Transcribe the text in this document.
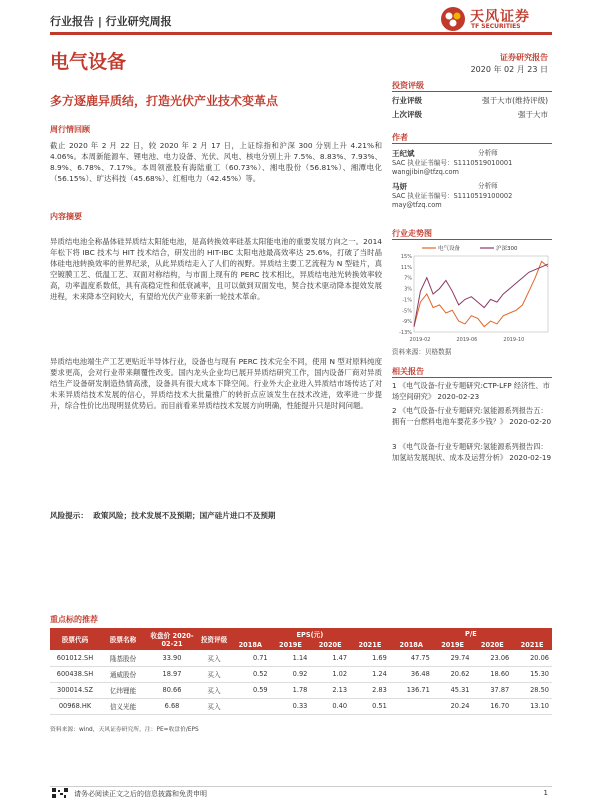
行业报告 | 行业研究周报	天风证券
TF SECURITIES
电气设备	证券研究报告
2020 年 02 月 23 日
多方逐鹿异质结，打造光伏产业技术变革点
周行情回顾
截止 2020 年 2 月 22 日，较 2020 年 2 月 17 日，上证综指和沪深 300 分别上升 4.21%和 4.06%。本周新能源车、锂电池、电力设备、光伏、风电、核电分别上升 7.5%、8.83%、7.93%、8.9%、6.78%、7.17%。本周领涨股有海陆重工（60.73%）、湘电股份（56.81%）、湘潭电化（56.15%）、旷达科技（45.68%）、红相电力（42.45%）等。
内容摘要
异质结电池全称晶体硅异质结太阳能电池，是高转换效率硅基太阳能电池的重要发展方向之一。2014 年松下将 IBC 技术与 HIT 技术结合，研发出的 HIT-IBC 太阳电池最高效率达 25.6%，打破了当时晶体硅电池转换效率的世界纪录，从此异质结走入了人们的视野。异质结主要工艺流程为 N 型硅片，真空镀膜工艺、低温工艺、双面对称结构，与市面上现有的 PERC 技术相比，异质结电池光转换效率较高，功率温度系数低，具有高稳定性和低衰减率，且可以做到双面发电，契合技术驱动降本提效发展进程，未来降本空间较大，有望给光伏产业带来新一轮技术革命。
异质结电池端生产工艺更贴近半导体行业，设备也与现有 PERC 技术完全不同，使用 N 型对原料纯度要求更高，会对行业带来颠覆性改变。国内龙头企业均已展开异质结研究工作，国内设备厂商对异质结生产设备研发制造热情高涨，设备具有很大成本下降空间。行业外大企业进入异质结市场传达了对未来异质结技术发展的信心，异质结技术大批量推广的转折点应该发生在技术改进，效率进一步提升，综合性价比出现明显优势后。而目前看来异质结技术发展方向明确，性能提升只是时间问题。
风险提示： 政策风险；技术发展不及预期；国产硅片进口不及预期
投资评级
行业评级	强于大市(维持评级)
上次评级	强于大市
作者
王纪斌	分析师
SAC 执业证书编号：S1110519010001
wangjibin@tfzq.com
马妍	分析师
SAC 执业证书编号：S1110519100002
may@tfzq.com
行业走势图
15%
11%
7%
3%
-1%
-5%
-9%
-13%
2019-02	2019-06	2019-10
电气设备	沪深300
资料来源：贝格数据
相关报告
1 《电气设备-行业专题研究:CTP-LFP 经济性、市场空间研究》 2020-02-23
2 《电气设备-行业专题研究:氢能源系列报告五：拥有一台燃料电池车要花多少钱？》 2020-02-20
3 《电气设备-行业专题研究:氢能源系列报告四：加氢站发展现状、成本及运营分析》 2020-02-19
重点标的推荐
股票代码	股票名称	收盘价 2020-02-21	投资评级	EPS(元)				P/E			
				2018A	2019E	2020E	2021E	2018A	2019E	2020E	2021E
601012.SH	隆基股份	33.90	买入	0.71	1.14	1.47	1.69	47.75	29.74	23.06	20.06
600438.SH	通威股份	18.97	买入	0.52	0.92	1.02	1.24	36.48	20.62	18.60	15.30
300014.SZ	亿纬锂能	80.66	买入	0.59	1.78	2.13	2.83	136.71	45.31	37.87	28.50
00968.HK	信义光能	6.68	买入		0.33	0.40	0.51		20.24	16.70	13.10
资料来源：wind，天风证券研究所，注：PE=收盘价/EPS
请务必阅读正文之后的信息披露和免责申明	1
